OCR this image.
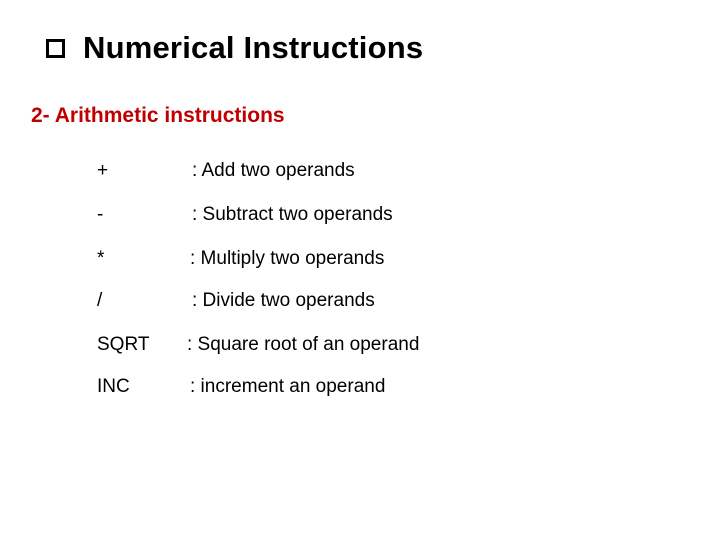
Numerical Instructions
2- Arithmetic instructions
+	: Add two operands
-	: Subtract two operands
*	: Multiply two operands
/	: Divide two operands
SQRT : Square root of an operand
INC	: increment an operand
